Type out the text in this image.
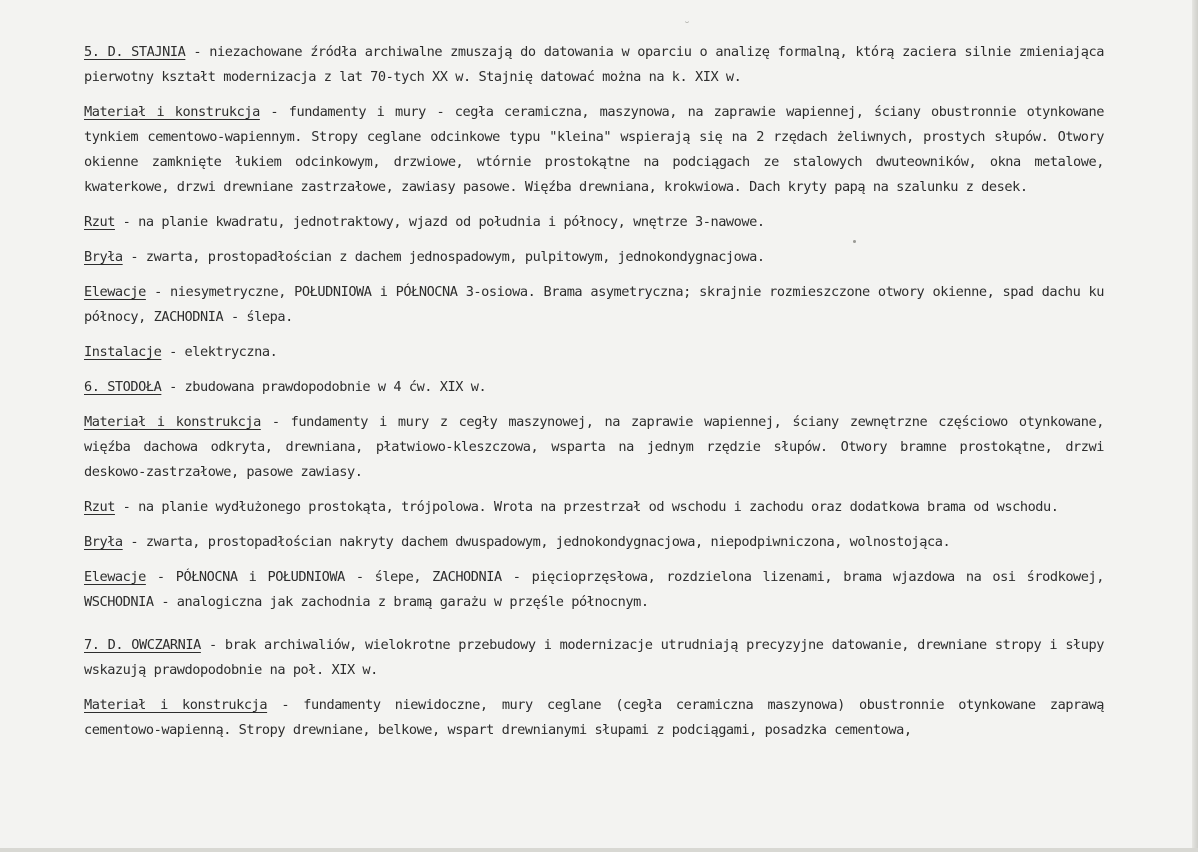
˘

5. D. STAJNIA - niezachowane źródła archiwalne zmuszają do datowania w oparciu o analizę formalną, którą zaciera silnie zmieniająca pierwotny kształt modernizacja z lat 70-tych XX w. Stajnię datować można na k. XIX w.

Materiał i konstrukcja - fundamenty i mury - cegła ceramiczna, maszynowa, na zaprawie wapiennej, ściany obustronnie otynkowane tynkiem cementowo-wapiennym. Stropy ceglane odcinkowe typu "kleina" wspierają się na 2 rzędach żeliwnych, prostych słupów. Otwory okienne zamknięte łukiem odcinkowym, drzwiowe, wtórnie prostokątne na podciągach ze stalowych dwuteowników, okna metalowe, kwaterkowe, drzwi drewniane zastrzałowe, zawiasy pasowe. Więźba drewniana, krokwiowa. Dach kryty papą na szalunku z desek.

Rzut - na planie kwadratu, jednotraktowy, wjazd od południa i północy, wnętrze 3-nawowe.

Bryła - zwarta, prostopadłościan z dachem jednospadowym, pulpitowym, jednokondygnacjowa.

Elewacje - niesymetryczne, POŁUDNIOWA i PÓŁNOCNA 3-osiowa. Brama asymetryczna; skrajnie rozmieszczone otwory okienne, spad dachu ku północy, ZACHODNIA - ślepa.

Instalacje - elektryczna.

6. STODOŁA - zbudowana prawdopodobnie w 4 ćw. XIX w.

Materiał i konstrukcja - fundamenty i mury z cegły maszynowej, na zaprawie wapiennej, ściany zewnętrzne częściowo otynkowane, więźba dachowa odkryta, drewniana, płatwiowo-kleszczowa, wsparta na jednym rzędzie słupów. Otwory bramne prostokątne, drzwi deskowo-zastrzałowe, pasowe zawiasy.

Rzut - na planie wydłużonego prostokąta, trójpolowa. Wrota na przestrzał od wschodu i zachodu oraz dodatkowa brama od wschodu.

Bryła - zwarta, prostopadłościan nakryty dachem dwuspadowym, jednokondygnacjowa, niepodpiwniczona, wolnostojąca.

Elewacje - PÓŁNOCNA i POŁUDNIOWA - ślepe, ZACHODNIA - pięcioprzęsłowa, rozdzielona lizenami, brama wjazdowa na osi środkowej, WSCHODNIA - analogiczna jak zachodnia z bramą garażu w przęśle północnym.

7. D. OWCZARNIA - brak archiwaliów, wielokrotne przebudowy i modernizacje utrudniają precyzyjne datowanie, drewniane stropy i słupy wskazują prawdopodobnie na poł. XIX w.

Materiał i konstrukcja - fundamenty niewidoczne, mury ceglane (cegła ceramiczna maszynowa) obustronnie otynkowane zaprawą cementowo-wapienną. Stropy drewniane, belkowe, wspart drewnianymi słupami z podciągami, posadzka cementowa,
